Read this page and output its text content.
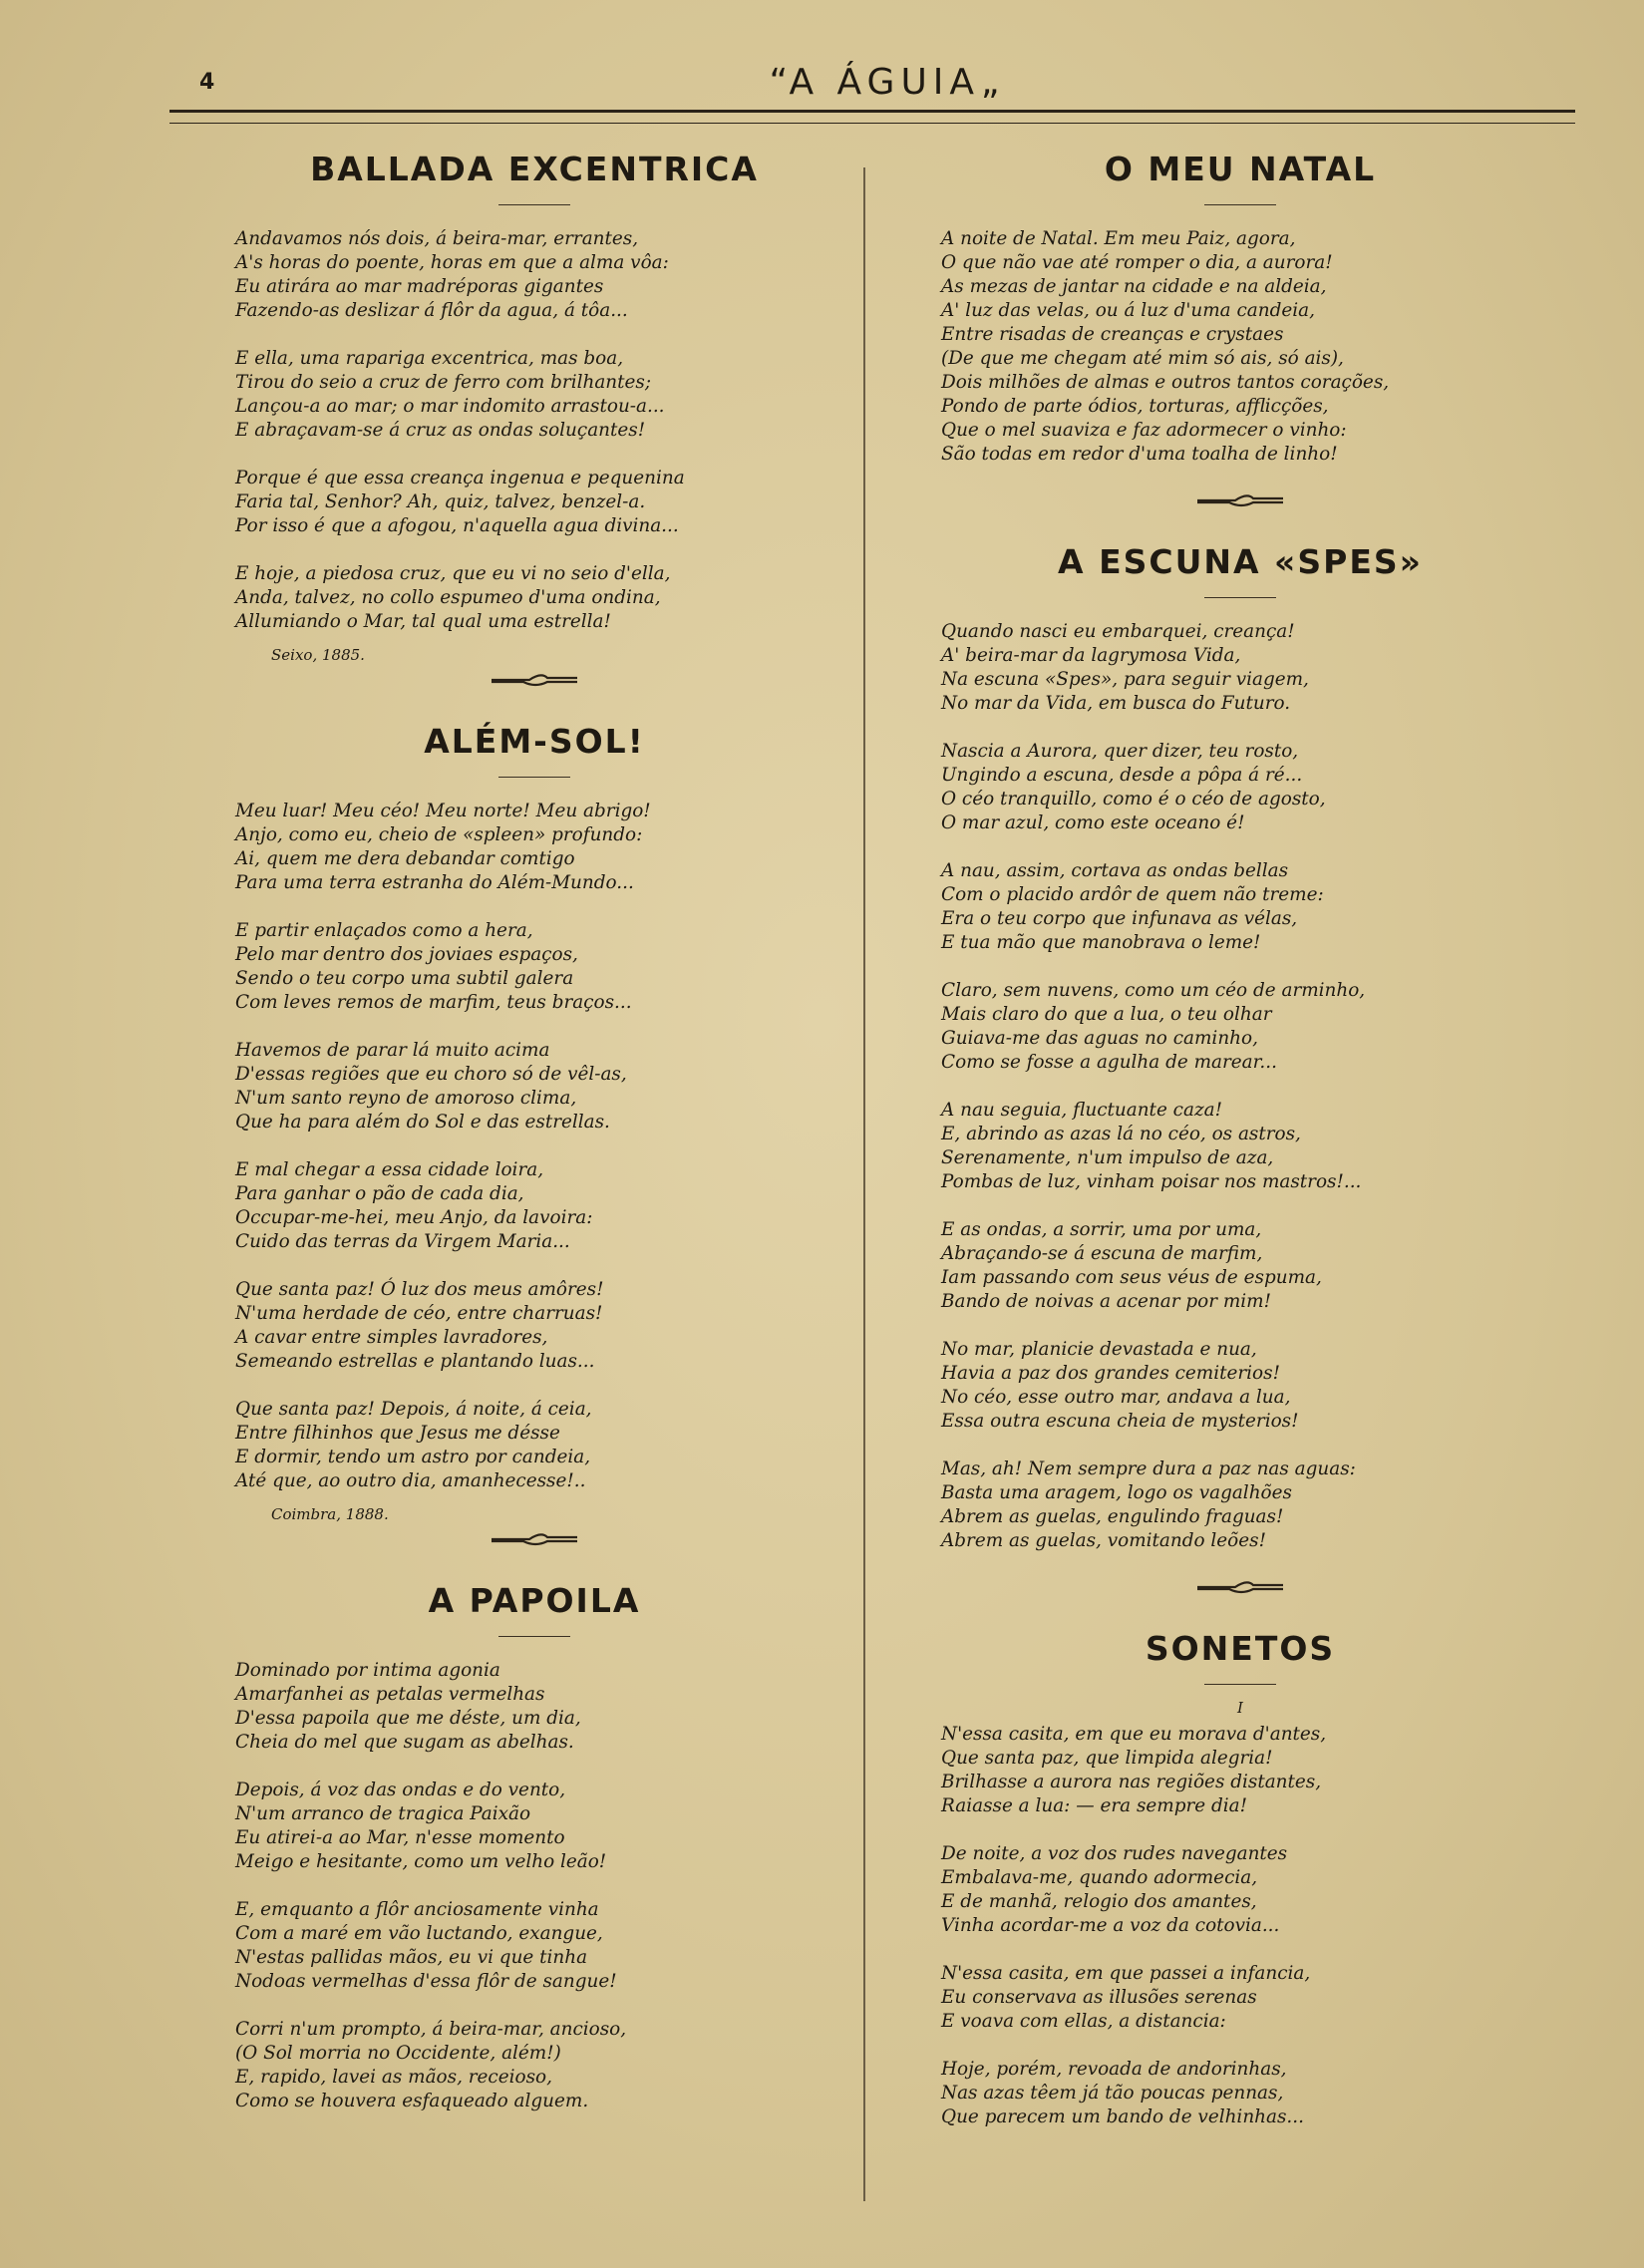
4	“A ÁGUIA„
BALLADA EXCENTRICA
Andavamos nós dois, á beira-mar, errantes,
A's horas do poente, horas em que a alma vôa:
Eu atirára ao mar madréporas gigantes
Fazendo-as deslizar á flôr da agua, á tôa...
E ella, uma rapariga excentrica, mas boa,
Tirou do seio a cruz de ferro com brilhantes;
Lançou-a ao mar; o mar indomito arrastou-a...
E abraçavam-se á cruz as ondas soluçantes!
Porque é que essa creança ingenua e pequenina
Faria tal, Senhor? Ah, quiz, talvez, benzel-a.
Por isso é que a afogou, n'aquella agua divina...
E hoje, a piedosa cruz, que eu vi no seio d'ella,
Anda, talvez, no collo espumeo d'uma ondina,
Allumiando o Mar, tal qual uma estrella!
Seixo, 1885.
ALÉM-SOL!
Meu luar! Meu céo! Meu norte! Meu abrigo!
Anjo, como eu, cheio de «spleen» profundo:
Ai, quem me dera debandar comtigo
Para uma terra estranha do Além-Mundo...
E partir enlaçados como a hera,
Pelo mar dentro dos joviaes espaços,
Sendo o teu corpo uma subtil galera
Com leves remos de marfim, teus braços...
Havemos de parar lá muito acima
D'essas regiões que eu choro só de vêl-as,
N'um santo reyno de amoroso clima,
Que ha para além do Sol e das estrellas.
E mal chegar a essa cidade loira,
Para ganhar o pão de cada dia,
Occupar-me-hei, meu Anjo, da lavoira:
Cuido das terras da Virgem Maria...
Que santa paz! Ó luz dos meus amôres!
N'uma herdade de céo, entre charruas!
A cavar entre simples lavradores,
Semeando estrellas e plantando luas...
Que santa paz! Depois, á noite, á ceia,
Entre filhinhos que Jesus me désse
E dormir, tendo um astro por candeia,
Até que, ao outro dia, amanhecesse!..
Coimbra, 1888.
A PAPOILA
Dominado por intima agonia
Amarfanhei as petalas vermelhas
D'essa papoila que me déste, um dia,
Cheia do mel que sugam as abelhas.
Depois, á voz das ondas e do vento,
N'um arranco de tragica Paixão
Eu atirei-a ao Mar, n'esse momento
Meigo e hesitante, como um velho leão!
E, emquanto a flôr anciosamente vinha
Com a maré em vão luctando, exangue,
N'estas pallidas mãos, eu vi que tinha
Nodoas vermelhas d'essa flôr de sangue!
Corri n'um prompto, á beira-mar, ancioso,
(O Sol morria no Occidente, além!)
E, rapido, lavei as mãos, receioso,
Como se houvera esfaqueado alguem.
O MEU NATAL
A noite de Natal. Em meu Paiz, agora,
O que não vae até romper o dia, a aurora!
As mezas de jantar na cidade e na aldeia,
A' luz das velas, ou á luz d'uma candeia,
Entre risadas de creanças e crystaes
(De que me chegam até mim só ais, só ais),
Dois milhões de almas e outros tantos corações,
Pondo de parte ódios, torturas, afflicções,
Que o mel suaviza e faz adormecer o vinho:
São todas em redor d'uma toalha de linho!
A ESCUNA «SPES»
Quando nasci eu embarquei, creança!
A' beira-mar da lagrymosa Vida,
Na escuna «Spes», para seguir viagem,
No mar da Vida, em busca do Futuro.
Nascia a Aurora, quer dizer, teu rosto,
Ungindo a escuna, desde a pôpa á ré...
O céo tranquillo, como é o céo de agosto,
O mar azul, como este oceano é!
A nau, assim, cortava as ondas bellas
Com o placido ardôr de quem não treme:
Era o teu corpo que infunava as vélas,
E tua mão que manobrava o leme!
Claro, sem nuvens, como um céo de arminho,
Mais claro do que a lua, o teu olhar
Guiava-me das aguas no caminho,
Como se fosse a agulha de marear...
A nau seguia, fluctuante caza!
E, abrindo as azas lá no céo, os astros,
Serenamente, n'um impulso de aza,
Pombas de luz, vinham poisar nos mastros!...
E as ondas, a sorrir, uma por uma,
Abraçando-se á escuna de marfim,
Iam passando com seus véus de espuma,
Bando de noivas a acenar por mim!
No mar, planicie devastada e nua,
Havia a paz dos grandes cemiterios!
No céo, esse outro mar, andava a lua,
Essa outra escuna cheia de mysterios!
Mas, ah! Nem sempre dura a paz nas aguas:
Basta uma aragem, logo os vagalhões
Abrem as guelas, engulindo fraguas!
Abrem as guelas, vomitando leões!
SONETOS
I
N'essa casita, em que eu morava d'antes,
Que santa paz, que limpida alegria!
Brilhasse a aurora nas regiões distantes,
Raiasse a lua: — era sempre dia!
De noite, a voz dos rudes navegantes
Embalava-me, quando adormecia,
E de manhã, relogio dos amantes,
Vinha acordar-me a voz da cotovia...
N'essa casita, em que passei a infancia,
Eu conservava as illusões serenas
E voava com ellas, a distancia:
Hoje, porém, revoada de andorinhas,
Nas azas têem já tão poucas pennas,
Que parecem um bando de velhinhas...
